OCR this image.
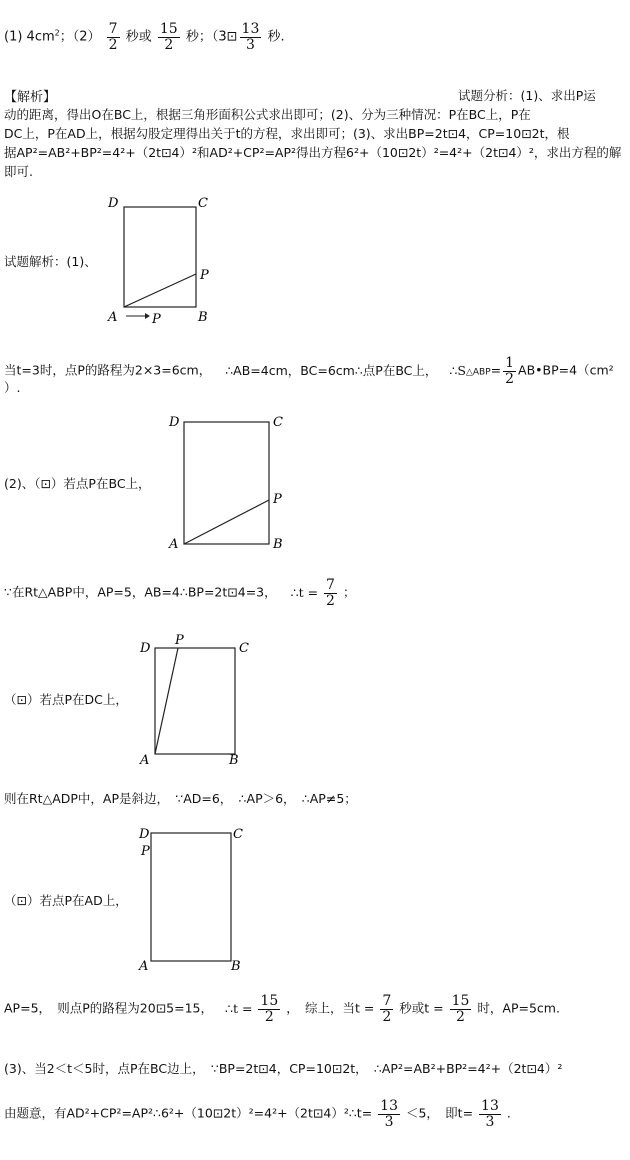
(1) $4cm^2$；$(2) \frac{7}{2}$ 秒或 $\frac{15}{2}$ 秒；（3⊡ $\frac{13}{3}$ 秒.
【解析】	试题分析：(1)、求出P运
动的距离，得出O在BC上，根据三角形面积公式求出即可；(2)、分为三种情况：P在BC上，P在
DC上，P在AD上，根据勾股定理得出关于t的方程，求出即可；(3)、求出BP=2t⊡4，CP=10⊡2t，根
据AP²=AB²+BP²=4²+（2t⊡4）²和AD²+CP²=AP²得出方程6²+（10⊡2t）²=4²+（2t⊡4）²，求出方程的解
即可.
试题解析：(1)、
D	C
P
A	P	B
当t=3时，点P的路程为2×3=6cm， ∴AB=4cm，BC=6cm∴点P在BC上， ∴S△ABP= $\frac{1}{2}$ AB•BP=4（cm²
）.
(2)、（⊡）若点P在BC上，
D	C
P
A	B
∵在Rt△ABP中，AP=5，AB=4∴BP=2t⊡4=3， ∴t = $\frac{7}{2}$ ；
（⊡）若点P在DC上，
D
P
C
A	B
则在Rt△ADP中，AP是斜边，　∵AD=6，　∴AP＞6，　∴AP≠5；
（⊡）若点P在AD上，
D	C
P
A	B
AP=5，　则点P的路程为20⊡5=15， ∴t = $\frac{15}{2}$ ，　综上，当$t = \frac{7}{2}$ 秒或$t = \frac{15}{2}$ 时，AP=5cm.
(3)、当2＜t＜5时，点P在BC边上，　∵BP=2t⊡4，CP=10⊡2t，　∴AP²=AB²+BP²=4²+（2t⊡4）²
由题意，有AD²+CP²=AP²∴6²+（10⊡2t）²=4²+（2t⊡4）²∴t= $\frac{13}{3} <5$，　即$t= \frac{13}{3}$ .
